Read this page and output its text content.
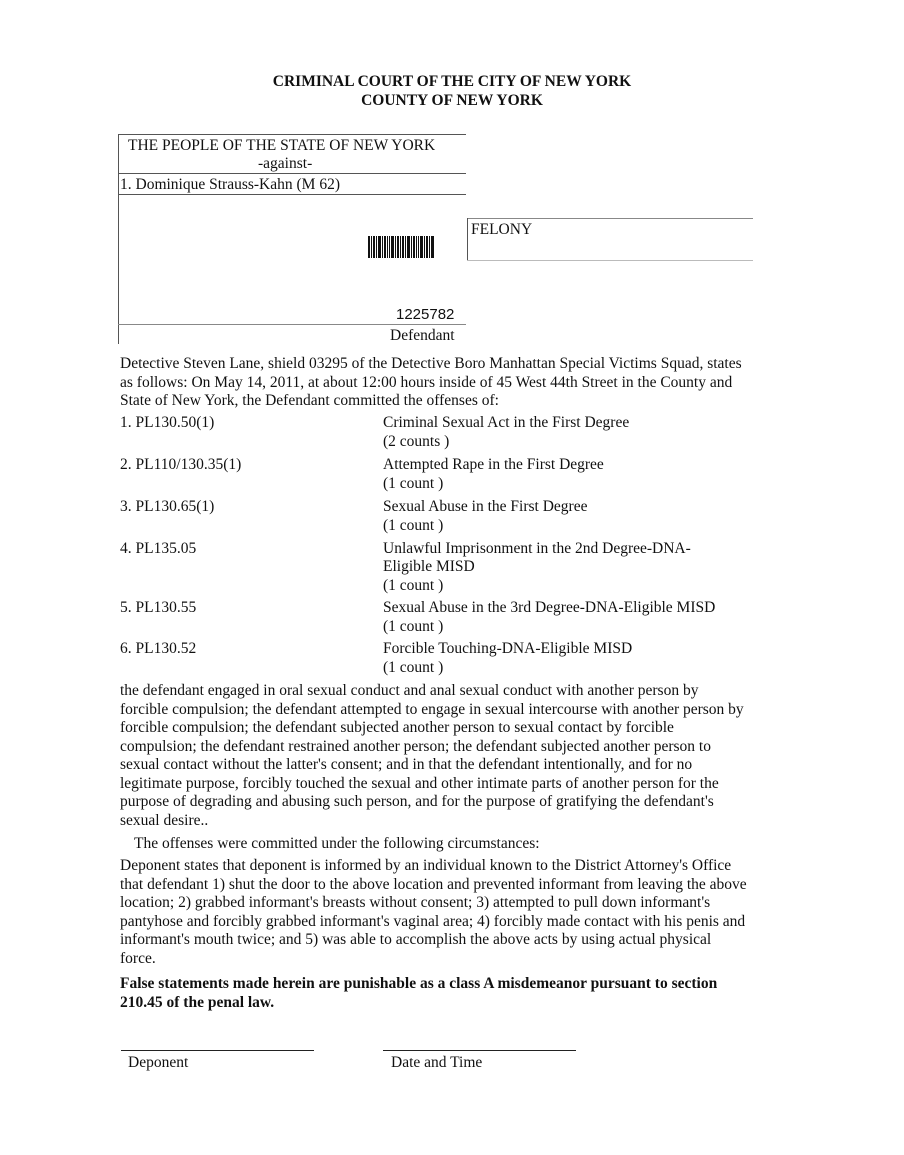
CRIMINAL COURT OF THE CITY OF NEW YORK
COUNTY OF NEW YORK
THE PEOPLE OF THE STATE OF NEW YORK
-against-
1. Dominique Strauss-Kahn (M 62)
FELONY
1225782
Defendant
Detective Steven Lane, shield 03295 of the Detective Boro Manhattan Special Victims Squad, states as follows: On May 14, 2011, at about 12:00 hours inside of 45 West 44th Street in the County and State of New York, the Defendant committed the offenses of:
1. PL130.50(1)	Criminal Sexual Act in the First Degree
(2 counts )
2. PL110/130.35(1)	Attempted Rape in the First Degree
(1 count )
3. PL130.65(1)	Sexual Abuse in the First Degree
(1 count )
4. PL135.05	Unlawful Imprisonment in the 2nd Degree-DNA-
Eligible MISD
(1 count )
5. PL130.55	Sexual Abuse in the 3rd Degree-DNA-Eligible MISD
(1 count )
6. PL130.52	Forcible Touching-DNA-Eligible MISD
(1 count )
the defendant engaged in oral sexual conduct and anal sexual conduct with another person by forcible compulsion; the defendant attempted to engage in sexual intercourse with another person by forcible compulsion; the defendant subjected another person to sexual contact by forcible compulsion; the defendant restrained another person; the defendant subjected another person to sexual contact without the latter's consent; and in that the defendant intentionally, and for no legitimate purpose, forcibly touched the sexual and other intimate parts of another person for the purpose of degrading and abusing such person, and for the purpose of gratifying the defendant's sexual desire..
The offenses were committed under the following circumstances:
Deponent states that deponent is informed by an individual known to the District Attorney's Office that defendant 1) shut the door to the above location and prevented informant from leaving the above location; 2) grabbed informant's breasts without consent; 3) attempted to pull down informant's pantyhose and forcibly grabbed informant's vaginal area; 4) forcibly made contact with his penis and informant's mouth twice; and 5) was able to accomplish the above acts by using actual physical force.
False statements made herein are punishable as a class A misdemeanor pursuant to section 210.45 of the penal law.
Deponent	Date and Time
